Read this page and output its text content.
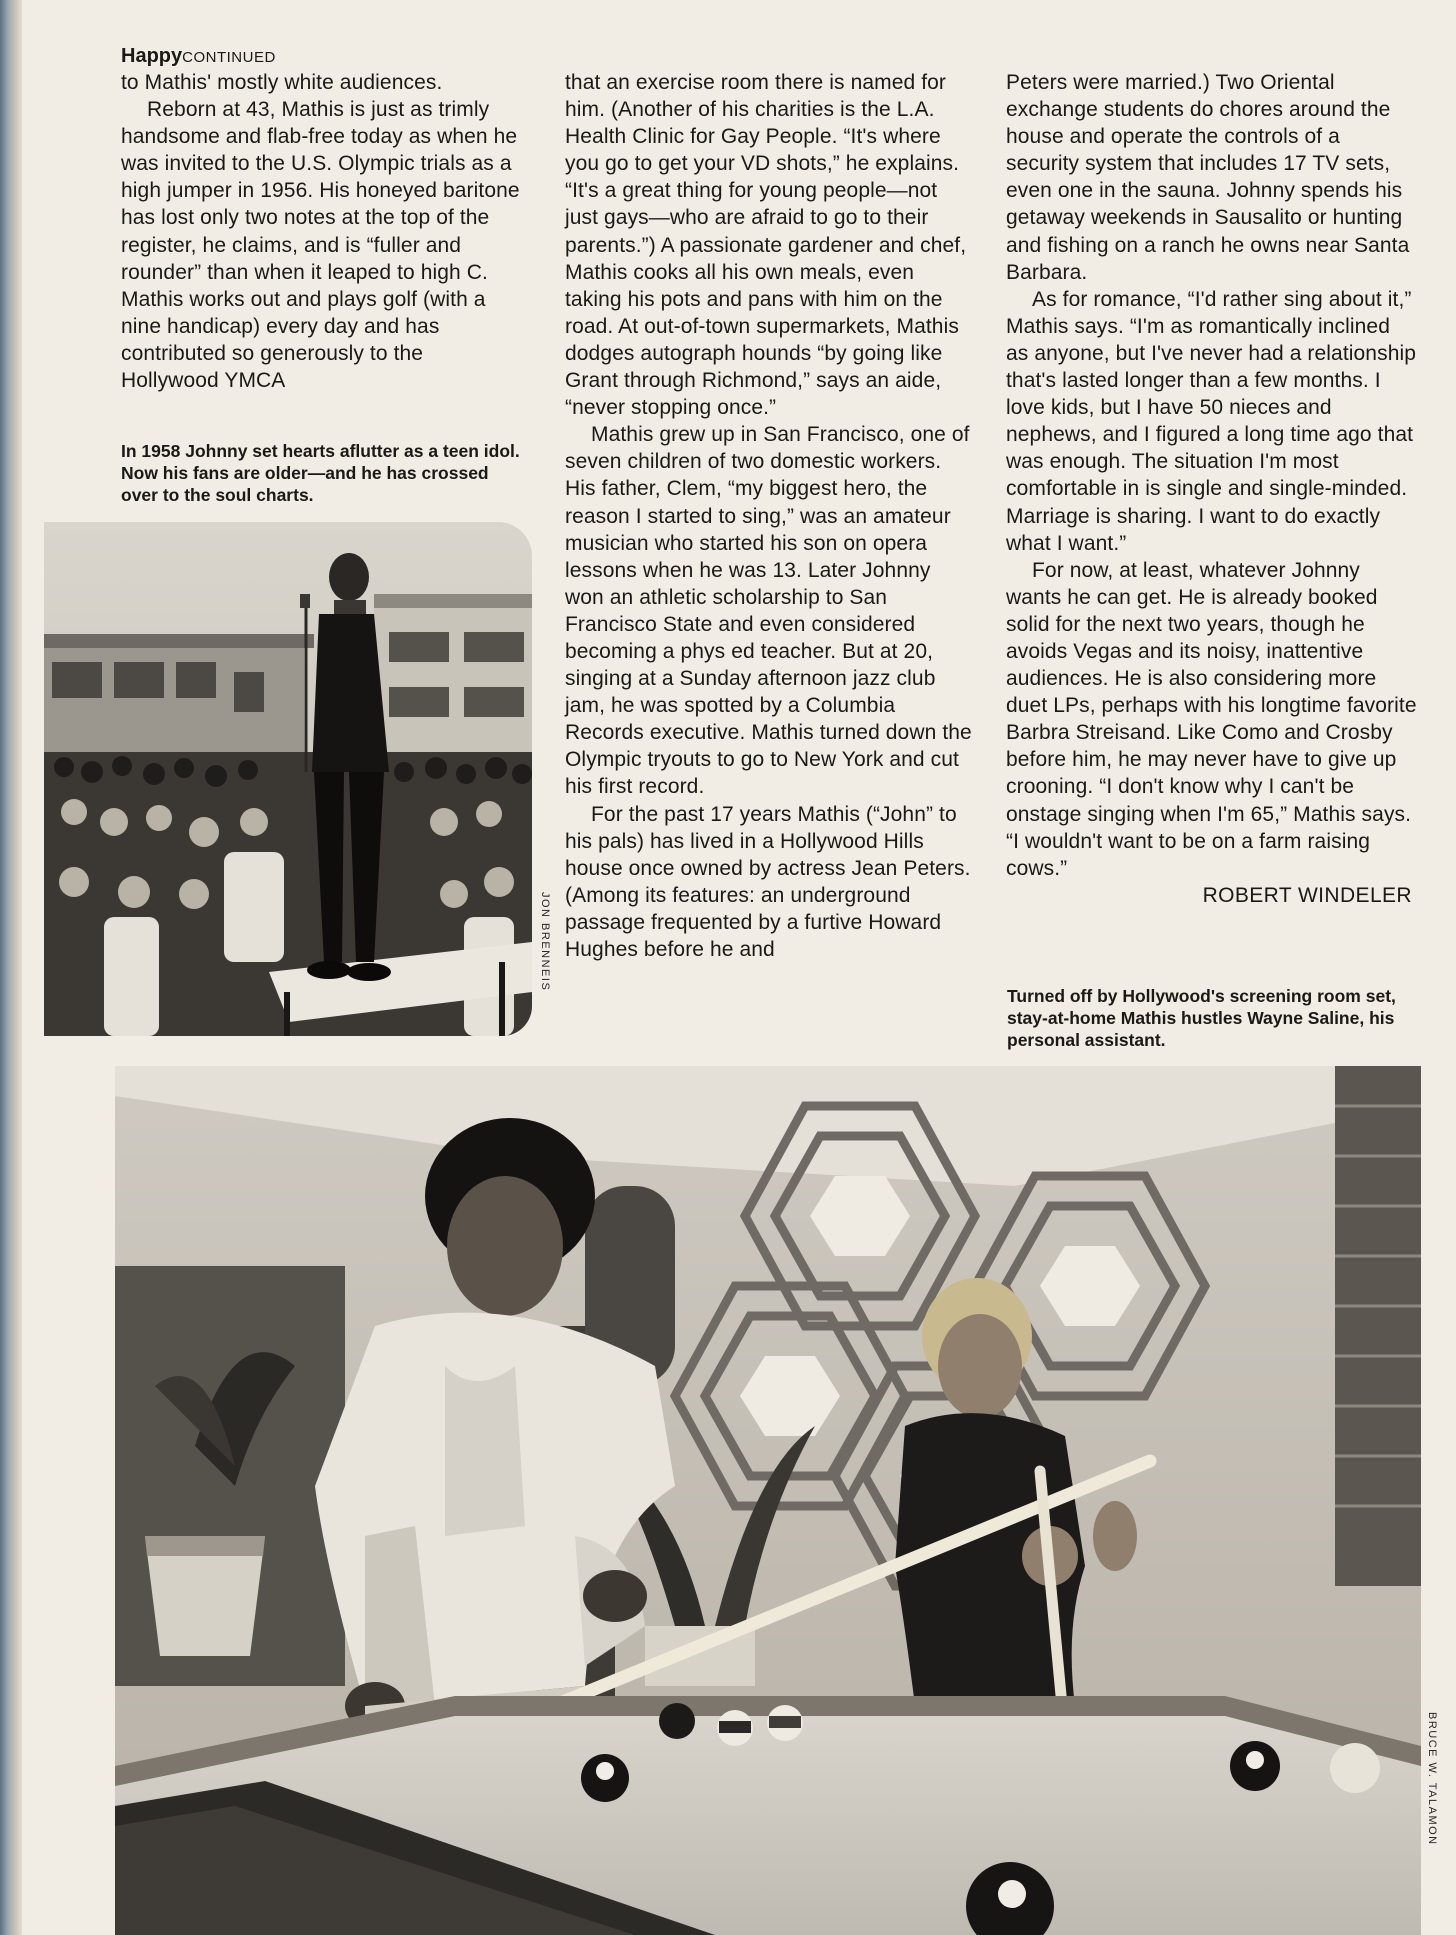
HappyCONTINUED

to Mathis' mostly white audiences.

Reborn at 43, Mathis is just as trimly handsome and flab-free today as when he was invited to the U.S. Olympic trials as a high jumper in 1956. His honeyed baritone has lost only two notes at the top of the register, he claims, and is “fuller and rounder” than when it leaped to high C. Mathis works out and plays golf (with a nine handicap) every day and has contributed so generously to the Hollywood YMCA

In 1958 Johnny set hearts aflutter as a teen idol. Now his fans are older—and he has crossed over to the soul charts.
JON BRENNEIS

that an exercise room there is named for him. (Another of his charities is the L.A. Health Clinic for Gay People. “It's where you go to get your VD shots,” he explains. “It's a great thing for young people—not just gays—who are afraid to go to their parents.”) A passionate gardener and chef, Mathis cooks all his own meals, even taking his pots and pans with him on the road. At out-of-town supermarkets, Mathis dodges autograph hounds “by going like Grant through Richmond,” says an aide, “never stopping once.”

Mathis grew up in San Francisco, one of seven children of two domestic workers. His father, Clem, “my biggest hero, the reason I started to sing,” was an amateur musician who started his son on opera lessons when he was 13. Later Johnny won an athletic scholarship to San Francisco State and even considered becoming a phys ed teacher. But at 20, singing at a Sunday afternoon jazz club jam, he was spotted by a Columbia Records executive. Mathis turned down the Olympic tryouts to go to New York and cut his first record.

For the past 17 years Mathis (“John” to his pals) has lived in a Hollywood Hills house once owned by actress Jean Peters. (Among its features: an underground passage frequented by a furtive Howard Hughes before he and

Peters were married.) Two Oriental exchange students do chores around the house and operate the controls of a security system that includes 17 TV sets, even one in the sauna. Johnny spends his getaway weekends in Sausalito or hunting and fishing on a ranch he owns near Santa Barbara.

As for romance, “I'd rather sing about it,” Mathis says. “I'm as romantically inclined as anyone, but I've never had a relationship that's lasted longer than a few months. I love kids, but I have 50 nieces and nephews, and I figured a long time ago that was enough. The situation I'm most comfortable in is single and single-minded. Marriage is sharing. I want to do exactly what I want.”

For now, at least, whatever Johnny wants he can get. He is already booked solid for the next two years, though he avoids Vegas and its noisy, inattentive audiences. He is also considering more duet LPs, perhaps with his longtime favorite Barbra Streisand. Like Como and Crosby before him, he may never have to give up crooning. “I don't know why I can't be onstage singing when I'm 65,” Mathis says. “I wouldn't want to be on a farm raising cows.”

ROBERT WINDELER

Turned off by Hollywood's screening room set, stay-at-home Mathis hustles Wayne Saline, his personal assistant.
BRUCE W. TALAMON
